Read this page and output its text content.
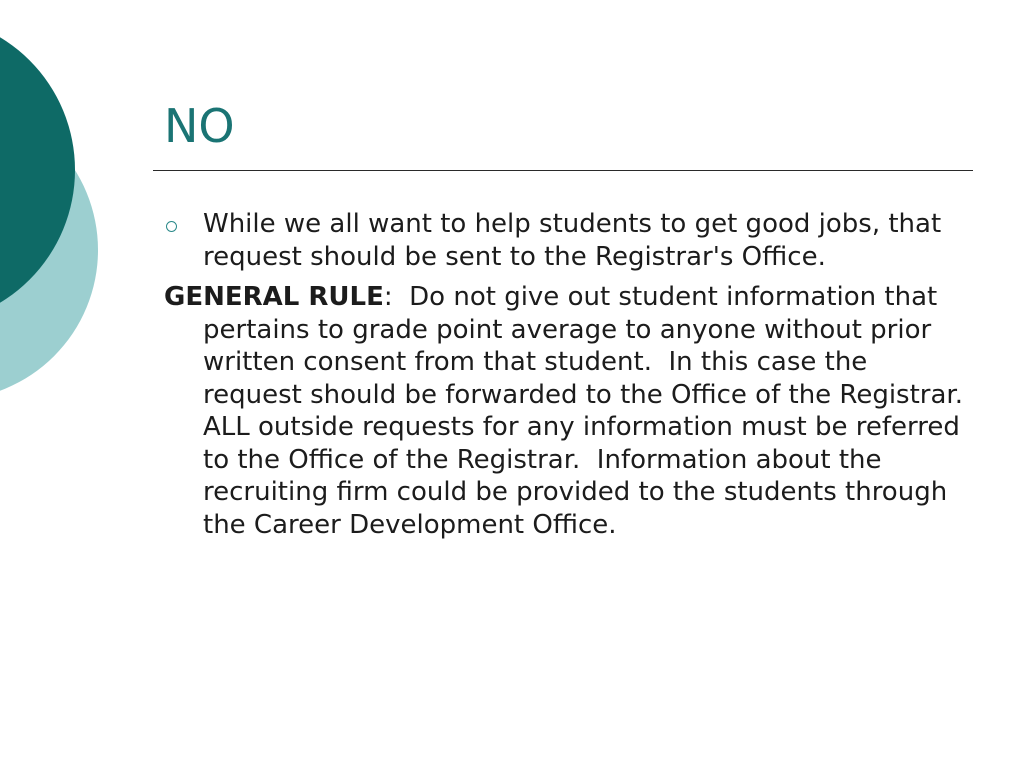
NO
While we all want to help students to get good jobs, that request should be sent to the Registrar's Office.

GENERAL RULE:  Do not give out student information that pertains to grade point average to anyone without prior written consent from that student.  In this case the request should be forwarded to the Office of the Registrar.  ALL outside requests for any information must be referred to the Office of the Registrar.  Information about the recruiting firm could be provided to the students through the Career Development Office.
